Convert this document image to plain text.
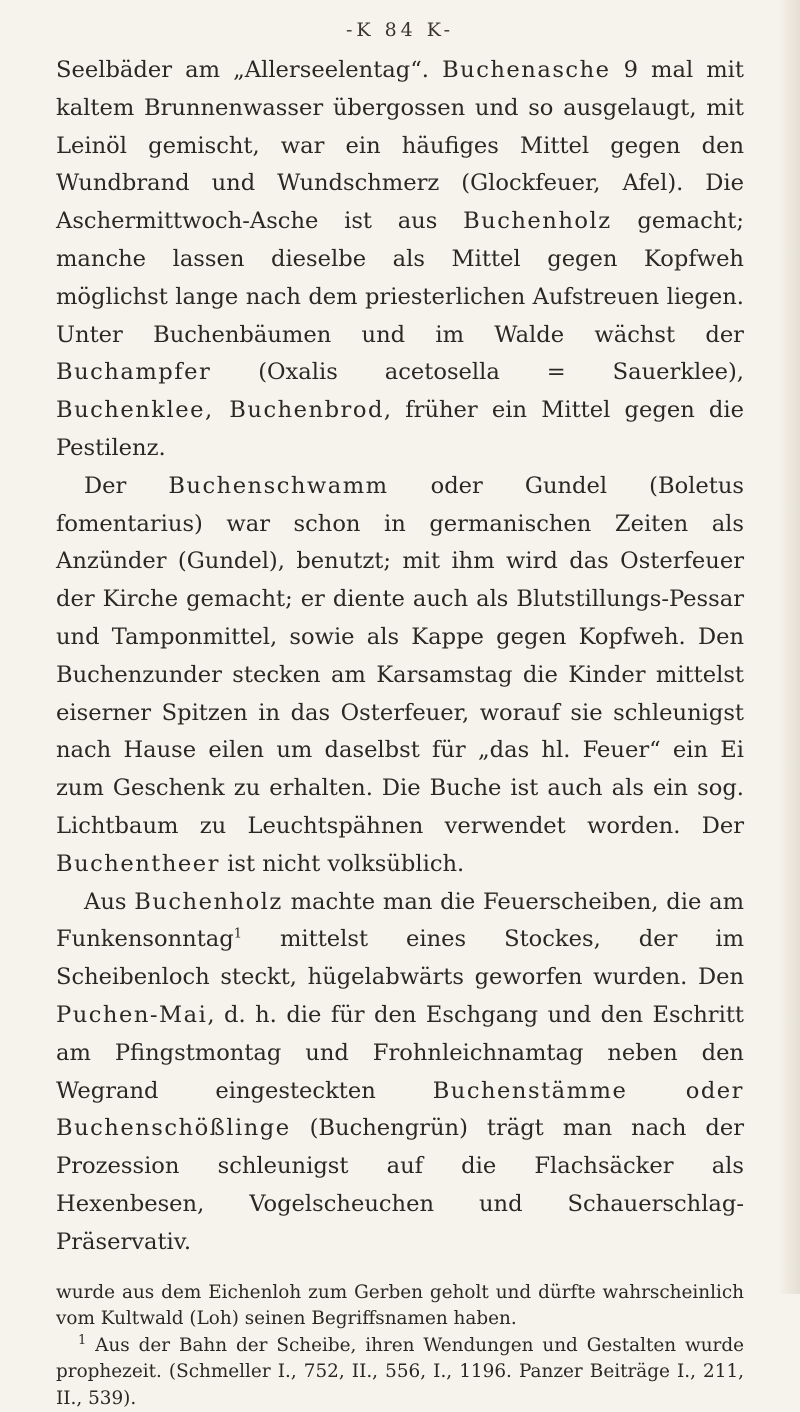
-K 84 K-

Seelbäder am „Allerseelentag“. Buchenasche 9 mal mit kaltem Brunnenwasser übergossen und so ausgelaugt, mit Leinöl gemischt, war ein häufiges Mittel gegen den Wundbrand und Wundschmerz (Glockfeuer, Afel). Die Aschermittwoch-Asche ist aus Buchenholz gemacht; manche lassen dieselbe als Mittel gegen Kopfweh möglichst lange nach dem priesterlichen Aufstreuen liegen. Unter Buchenbäumen und im Walde wächst der Buchampfer (Oxalis acetosella = Sauerklee), Buchenklee, Buchenbrod, früher ein Mittel gegen die Pestilenz.

Der Buchenschwamm oder Gundel (Boletus fomentarius) war schon in germanischen Zeiten als Anzünder (Gundel), benutzt; mit ihm wird das Osterfeuer der Kirche gemacht; er diente auch als Blutstillungs-Pessar und Tamponmittel, sowie als Kappe gegen Kopfweh. Den Buchenzunder stecken am Karsamstag die Kinder mittelst eiserner Spitzen in das Osterfeuer, worauf sie schleunigst nach Hause eilen um daselbst für „das hl. Feuer“ ein Ei zum Geschenk zu erhalten. Die Buche ist auch als ein sog. Lichtbaum zu Leuchtspähnen verwendet worden. Der Buchentheer ist nicht volksüblich.

Aus Buchenholz machte man die Feuerscheiben, die am Funkensonntag$^1$ mittelst eines Stockes, der im Scheibenloch steckt, hügelabwärts geworfen wurden. Den Puchen-Mai, d. h. die für den Eschgang und den Eschritt am Pfingstmontag und Frohnleichnamtag neben den Wegrand eingesteckten Buchenstämme oder Buchenschößlinge (Buchengrün) trägt man nach der Prozession schleunigst auf die Flachsäcker als Hexenbesen, Vogelscheuchen und Schauerschlag-Präservativ.

wurde aus dem Eichenloh zum Gerben geholt und dürfte wahrscheinlich vom Kultwald (Loh) seinen Begriffsnamen haben.

$^1$ Aus der Bahn der Scheibe, ihren Wendungen und Gestalten wurde prophezeit. (Schmeller I., 752, II., 556, I., 1196. Panzer Beiträge I., 211, II., 539).
